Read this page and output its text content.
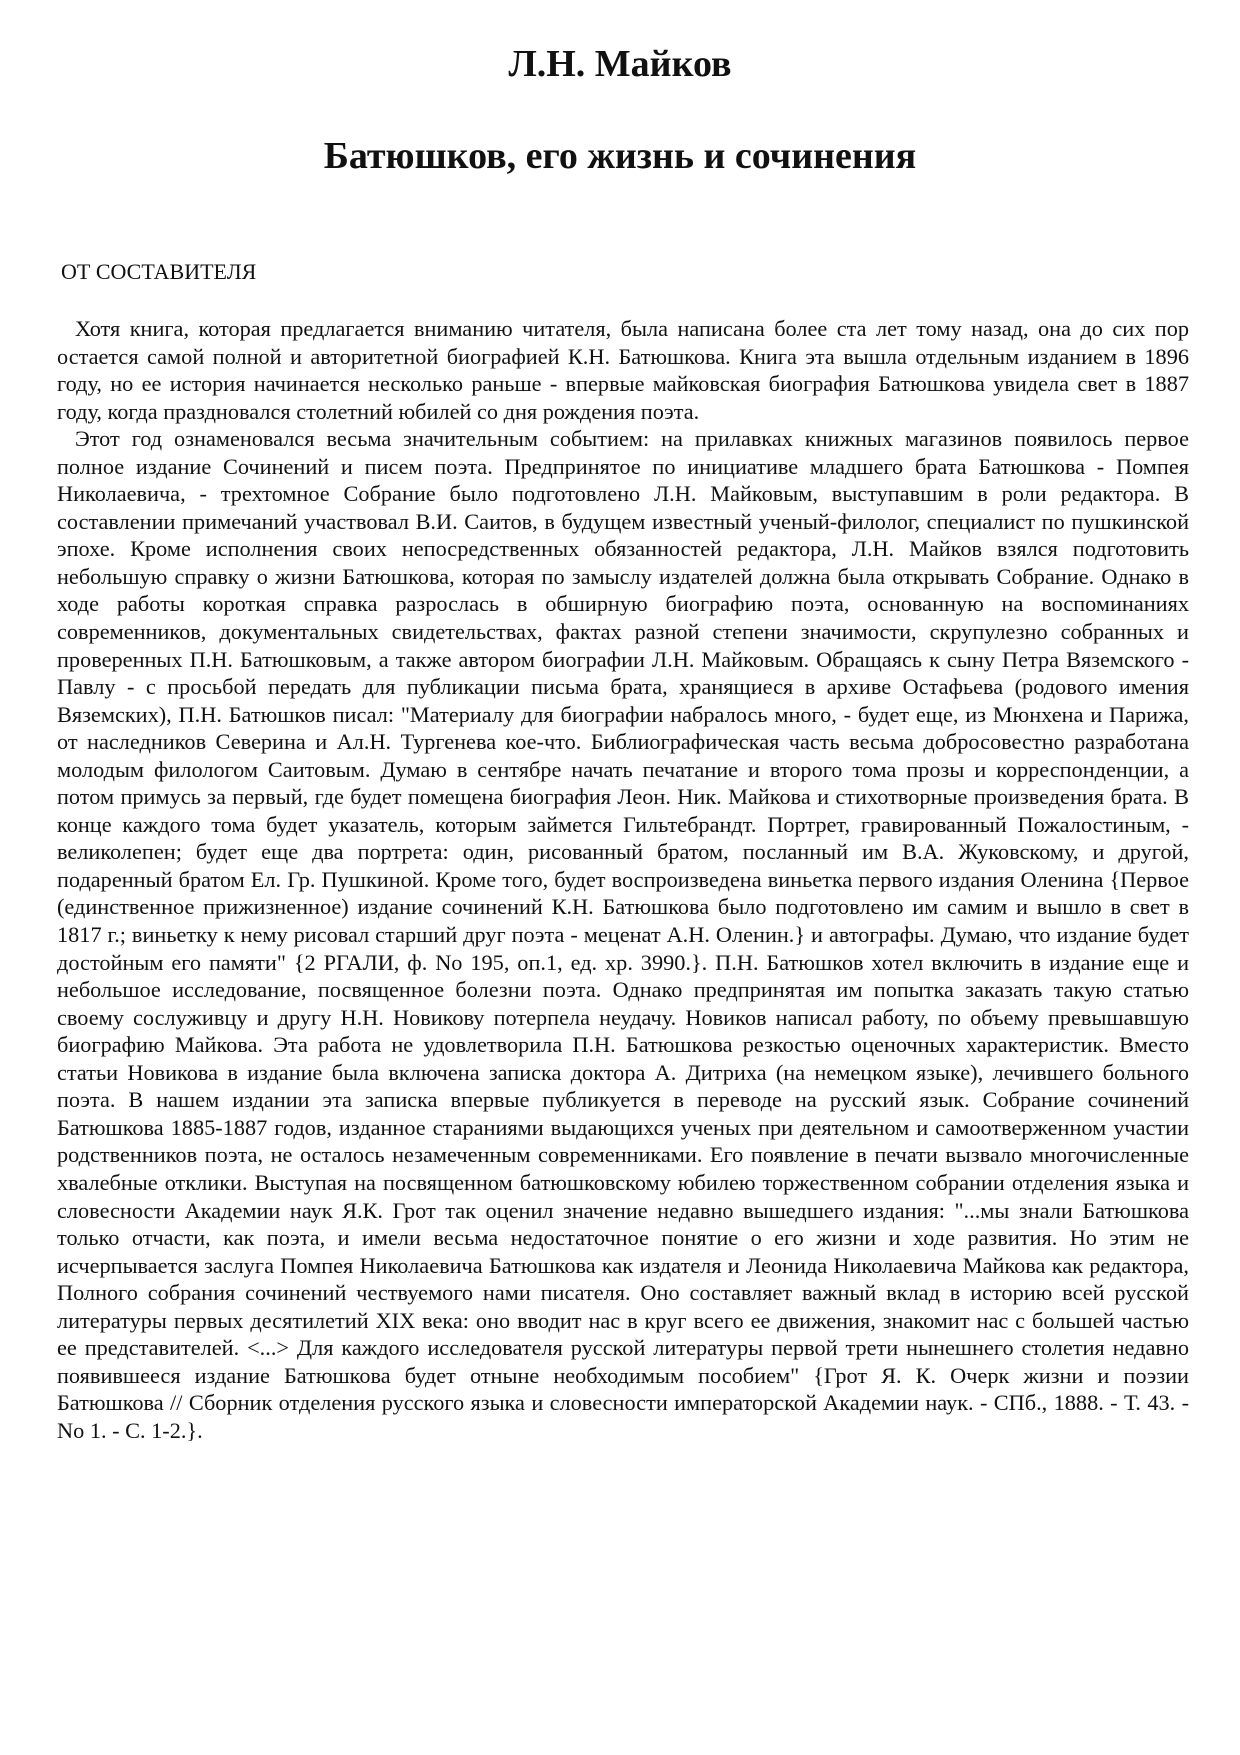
Л.Н. Майков
Батюшков, его жизнь и сочинения
ОТ СОСТАВИТЕЛЯ

Хотя книга, которая предлагается вниманию читателя, была написана более ста лет тому назад, она до сих пор остается самой полной и авторитетной биографией К.Н. Батюшкова. Книга эта вышла отдельным изданием в 1896 году, но ее история начинается несколько раньше - впервые майковская биография Батюшкова увидела свет в 1887 году, когда праздновался столетний юбилей со дня рождения поэта.

Этот год ознаменовался весьма значительным событием: на прилавках книжных магазинов появилось первое полное издание Сочинений и писем поэта. Предпринятое по инициативе младшего брата Батюшкова - Помпея Николаевича, - трехтомное Собрание было подготовлено Л.Н. Майковым, выступавшим в роли редактора. В составлении примечаний участвовал В.И. Саитов, в будущем известный ученый-филолог, специалист по пушкинской эпохе. Кроме исполнения своих непосредственных обязанностей редактора, Л.Н. Майков взялся подготовить небольшую справку о жизни Батюшкова, которая по замыслу издателей должна была открывать Собрание. Однако в ходе работы короткая справка разрослась в обширную биографию поэта, основанную на воспоминаниях современников, документальных свидетельствах, фактах разной степени значимости, скрупулезно собранных и проверенных П.Н. Батюшковым, а также автором биографии Л.Н. Майковым. Обращаясь к сыну Петра Вяземского - Павлу - с просьбой передать для публикации письма брата, хранящиеся в архиве Остафьева (родового имения Вяземских), П.Н. Батюшков писал: "Материалу для биографии набралось много, - будет еще, из Мюнхена и Парижа, от наследников Северина и Ал.Н. Тургенева кое-что. Библиографическая часть весьма добросовестно разработана молодым филологом Саитовым. Думаю в сентябре начать печатание и второго тома прозы и корреспонденции, а потом примусь за первый, где будет помещена биография Леон. Ник. Майкова и стихотворные произведения брата. В конце каждого тома будет указатель, которым займется Гильтебрандт. Портрет, гравированный Пожалостиным, - великолепен; будет еще два портрета: один, рисованный братом, посланный им В.А. Жуковскому, и другой, подаренный братом Ел. Гр. Пушкиной. Кроме того, будет воспроизведена виньетка первого издания Оленина {Первое (единственное прижизненное) издание сочинений К.Н. Батюшкова было подготовлено им самим и вышло в свет в 1817 г.; виньетку к нему рисовал старший друг поэта - меценат А.Н. Оленин.} и автографы. Думаю, что издание будет достойным его памяти" {2 РГАЛИ, ф. No 195, оп.1, ед. хр. 3990.}. П.Н. Батюшков хотел включить в издание еще и небольшое исследование, посвященное болезни поэта. Однако предпринятая им попытка заказать такую статью своему сослуживцу и другу Н.Н. Новикову потерпела неудачу. Новиков написал работу, по объему превышавшую биографию Майкова. Эта работа не удовлетворила П.Н. Батюшкова резкостью оценочных характеристик. Вместо статьи Новикова в издание была включена записка доктора А. Дитриха (на немецком языке), лечившего больного поэта. В нашем издании эта записка впервые публикуется в переводе на русский язык. Собрание сочинений Батюшкова 1885-1887 годов, изданное стараниями выдающихся ученых при деятельном и самоотверженном участии родственников поэта, не осталось незамеченным современниками. Его появление в печати вызвало многочисленные хвалебные отклики. Выступая на посвященном батюшковскому юбилею торжественном собрании отделения языка и словесности Академии наук Я.К. Грот так оценил значение недавно вышедшего издания: "...мы знали Батюшкова только отчасти, как поэта, и имели весьма недостаточное понятие о его жизни и ходе развития. Но этим не исчерпывается заслуга Помпея Николаевича Батюшкова как издателя и Леонида Николаевича Майкова как редактора, Полного собрания сочинений чествуемого нами писателя. Оно составляет важный вклад в историю всей русской литературы первых десятилетий XIX века: оно вводит нас в круг всего ее движения, знакомит нас с большей частью ее представителей. <...> Для каждого исследователя русской литературы первой трети нынешнего столетия недавно появившееся издание Батюшкова будет отныне необходимым пособием" {Грот Я. К. Очерк жизни и поэзии Батюшкова // Сборник отделения русского языка и словесности императорской Академии наук. - СПб., 1888. - Т. 43. - No 1. - С. 1-2.}.
